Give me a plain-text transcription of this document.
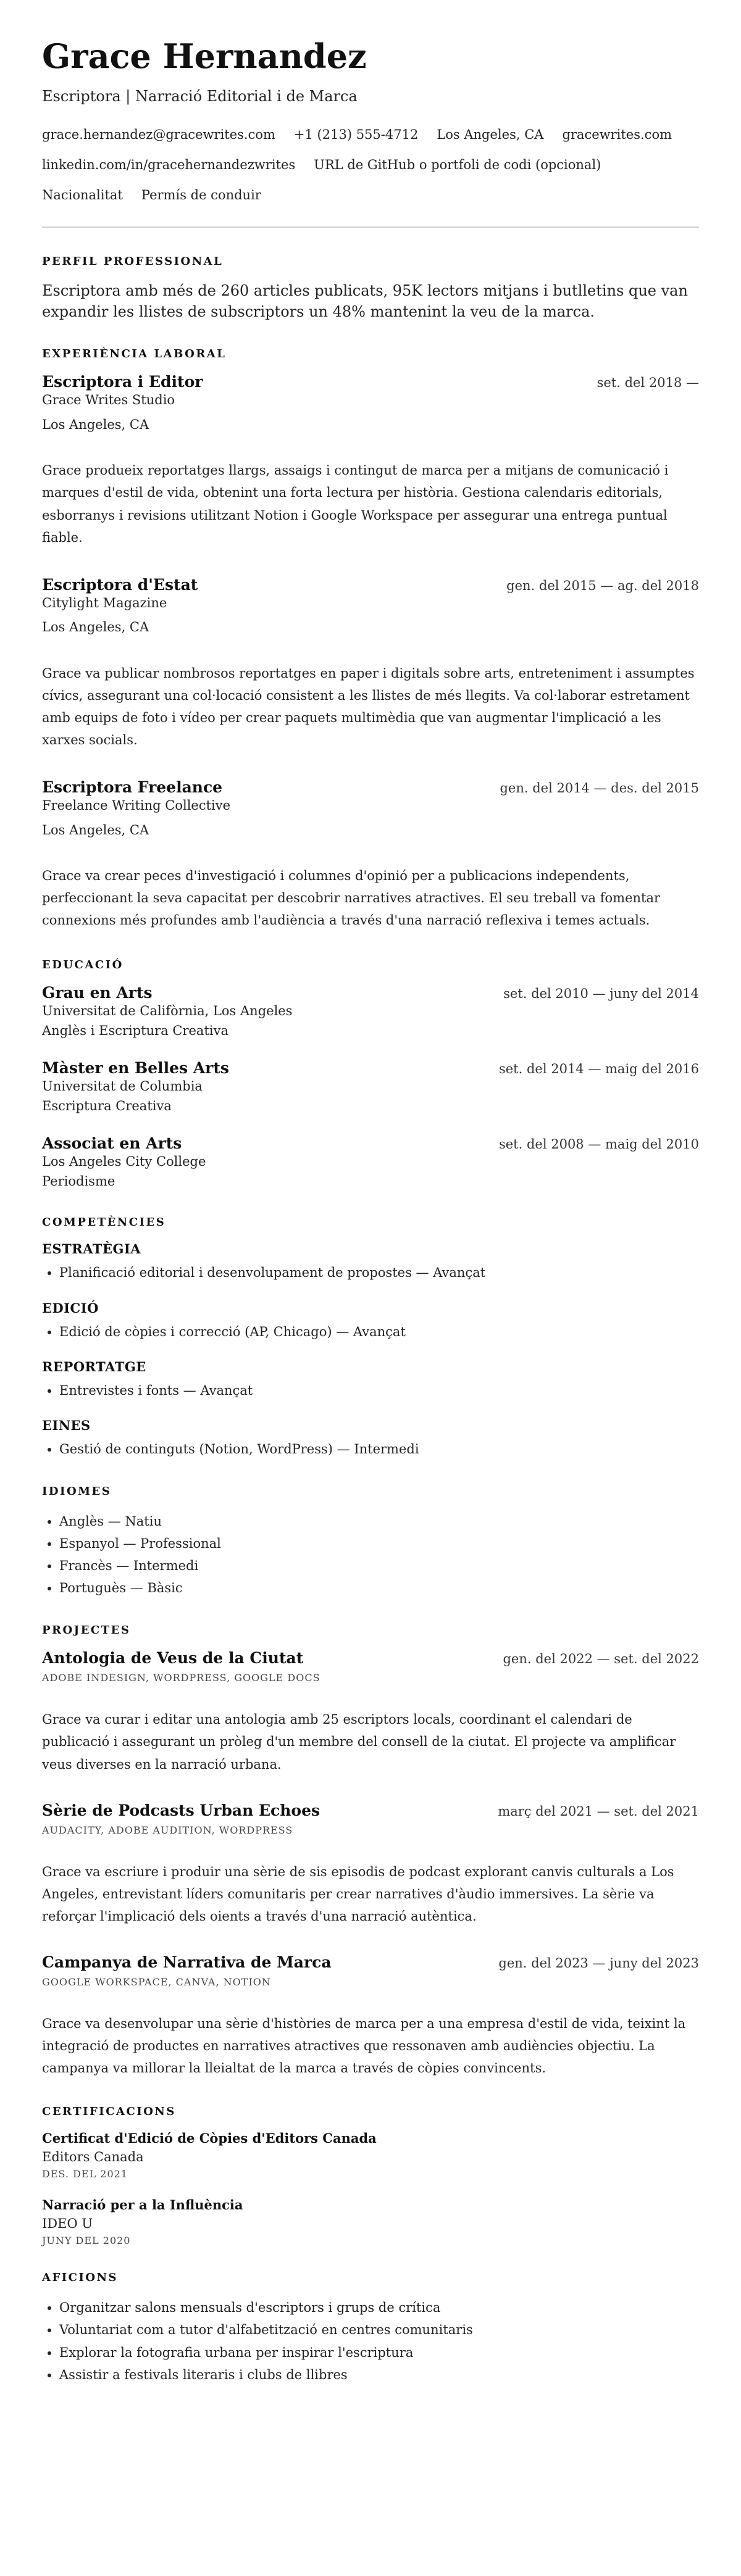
Grace Hernandez
Escriptora | Narració Editorial i de Marca
grace.hernandez@gracewrites.com +1 (213) 555-4712 Los Angeles, CA gracewrites.com
linkedin.com/in/gracehernandezwrites URL de GitHub o portfoli de codi (opcional)
Nacionalitat Permís de conduir
PERFIL PROFESSIONAL

Escriptora amb més de 260 articles publicats, 95K lectors mitjans i butlletins que van expandir les llistes de subscriptors un 48% mantenint la veu de la marca.

EXPERIÈNCIA LABORAL
Escriptora i Editor	set. del 2018 —
Grace Writes Studio
Los Angeles, CA
Grace produeix reportatges llargs, assaigs i contingut de marca per a mitjans de comunicació i marques d'estil de vida, obtenint una forta lectura per història. Gestiona calendaris editorials, esborranys i revisions utilitzant Notion i Google Workspace per assegurar una entrega puntual fiable.
Escriptora d'Estat	gen. del 2015 — ag. del 2018
Citylight Magazine
Los Angeles, CA
Grace va publicar nombrosos reportatges en paper i digitals sobre arts, entreteniment i assumptes cívics, assegurant una col·locació consistent a les llistes de més llegits. Va col·laborar estretament amb equips de foto i vídeo per crear paquets multimèdia que van augmentar l'implicació a les xarxes socials.
Escriptora Freelance	gen. del 2014 — des. del 2015
Freelance Writing Collective
Los Angeles, CA
Grace va crear peces d'investigació i columnes d'opinió per a publicacions independents, perfeccionant la seva capacitat per descobrir narratives atractives. El seu treball va fomentar connexions més profundes amb l'audiència a través d'una narració reflexiva i temes actuals.
EDUCACIÓ
Grau en Arts	set. del 2010 — juny del 2014
Universitat de Califòrnia, Los Angeles
Anglès i Escriptura Creativa
Màster en Belles Arts	set. del 2014 — maig del 2016
Universitat de Columbia
Escriptura Creativa
Associat en Arts	set. del 2008 — maig del 2010
Los Angeles City College
Periodisme
COMPETÈNCIES
ESTRATÈGIA
• Planificació editorial i desenvolupament de propostes — Avançat
EDICIÓ
• Edició de còpies i correcció (AP, Chicago) — Avançat
REPORTATGE
• Entrevistes i fonts — Avançat
EINES
• Gestió de continguts (Notion, WordPress) — Intermedi
IDIOMES
• Anglès — Natiu
• Espanyol — Professional
• Francès — Intermedi
• Portuguès — Bàsic
PROJECTES
Antologia de Veus de la Ciutat	gen. del 2022 — set. del 2022
ADOBE INDESIGN, WORDPRESS, GOOGLE DOCS
Grace va curar i editar una antologia amb 25 escriptors locals, coordinant el calendari de publicació i assegurant un pròleg d'un membre del consell de la ciutat. El projecte va amplificar veus diverses en la narració urbana.
Sèrie de Podcasts Urban Echoes	març del 2021 — set. del 2021
AUDACITY, ADOBE AUDITION, WORDPRESS
Grace va escriure i produir una sèrie de sis episodis de podcast explorant canvis culturals a Los Angeles, entrevistant líders comunitaris per crear narratives d'àudio immersives. La sèrie va reforçar l'implicació dels oients a través d'una narració autèntica.
Campanya de Narrativa de Marca	gen. del 2023 — juny del 2023
GOOGLE WORKSPACE, CANVA, NOTION
Grace va desenvolupar una sèrie d'històries de marca per a una empresa d'estil de vida, teixint la integració de productes en narratives atractives que ressonaven amb audiències objectiu. La campanya va millorar la lleialtat de la marca a través de còpies convincents.
CERTIFICACIONS
Certificat d'Edició de Còpies d'Editors Canada
Editors Canada
DES. DEL 2021
Narració per a la Influència
IDEO U
JUNY DEL 2020
AFICIONS
• Organitzar salons mensuals d'escriptors i grups de crítica
• Voluntariat com a tutor d'alfabetització en centres comunitaris
• Explorar la fotografia urbana per inspirar l'escriptura
• Assistir a festivals literaris i clubs de llibres
